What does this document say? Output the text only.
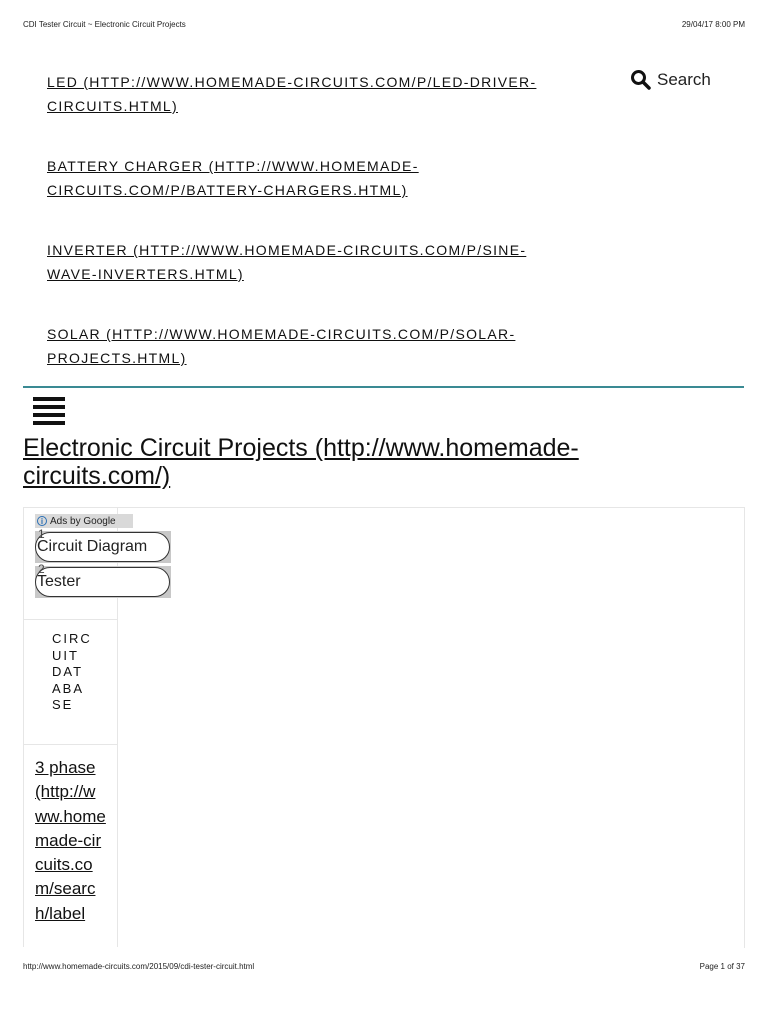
CDI Tester Circuit ~ Electronic Circuit Projects	29/04/17 8:00 PM
LED (HTTP://WWW.HOMEMADE-CIRCUITS.COM/P/LED-DRIVER-CIRCUITS.HTML)
BATTERY CHARGER (HTTP://WWW.HOMEMADE-CIRCUITS.COM/P/BATTERY-CHARGERS.HTML)
INVERTER (HTTP://WWW.HOMEMADE-CIRCUITS.COM/P/SINE-WAVE-INVERTERS.HTML)
SOLAR (HTTP://WWW.HOMEMADE-CIRCUITS.COM/P/SOLAR-PROJECTS.HTML)
Search
Electronic Circuit Projects (http://www.homemade-circuits.com/)
i Ads by Google
Circuit Diagram
1
Tester
2
CIRCUIT DATABASE
3 phase (http://www.homemade-circuits.com/search/label
http://www.homemade-circuits.com/2015/09/cdi-tester-circuit.html	Page 1 of 37
